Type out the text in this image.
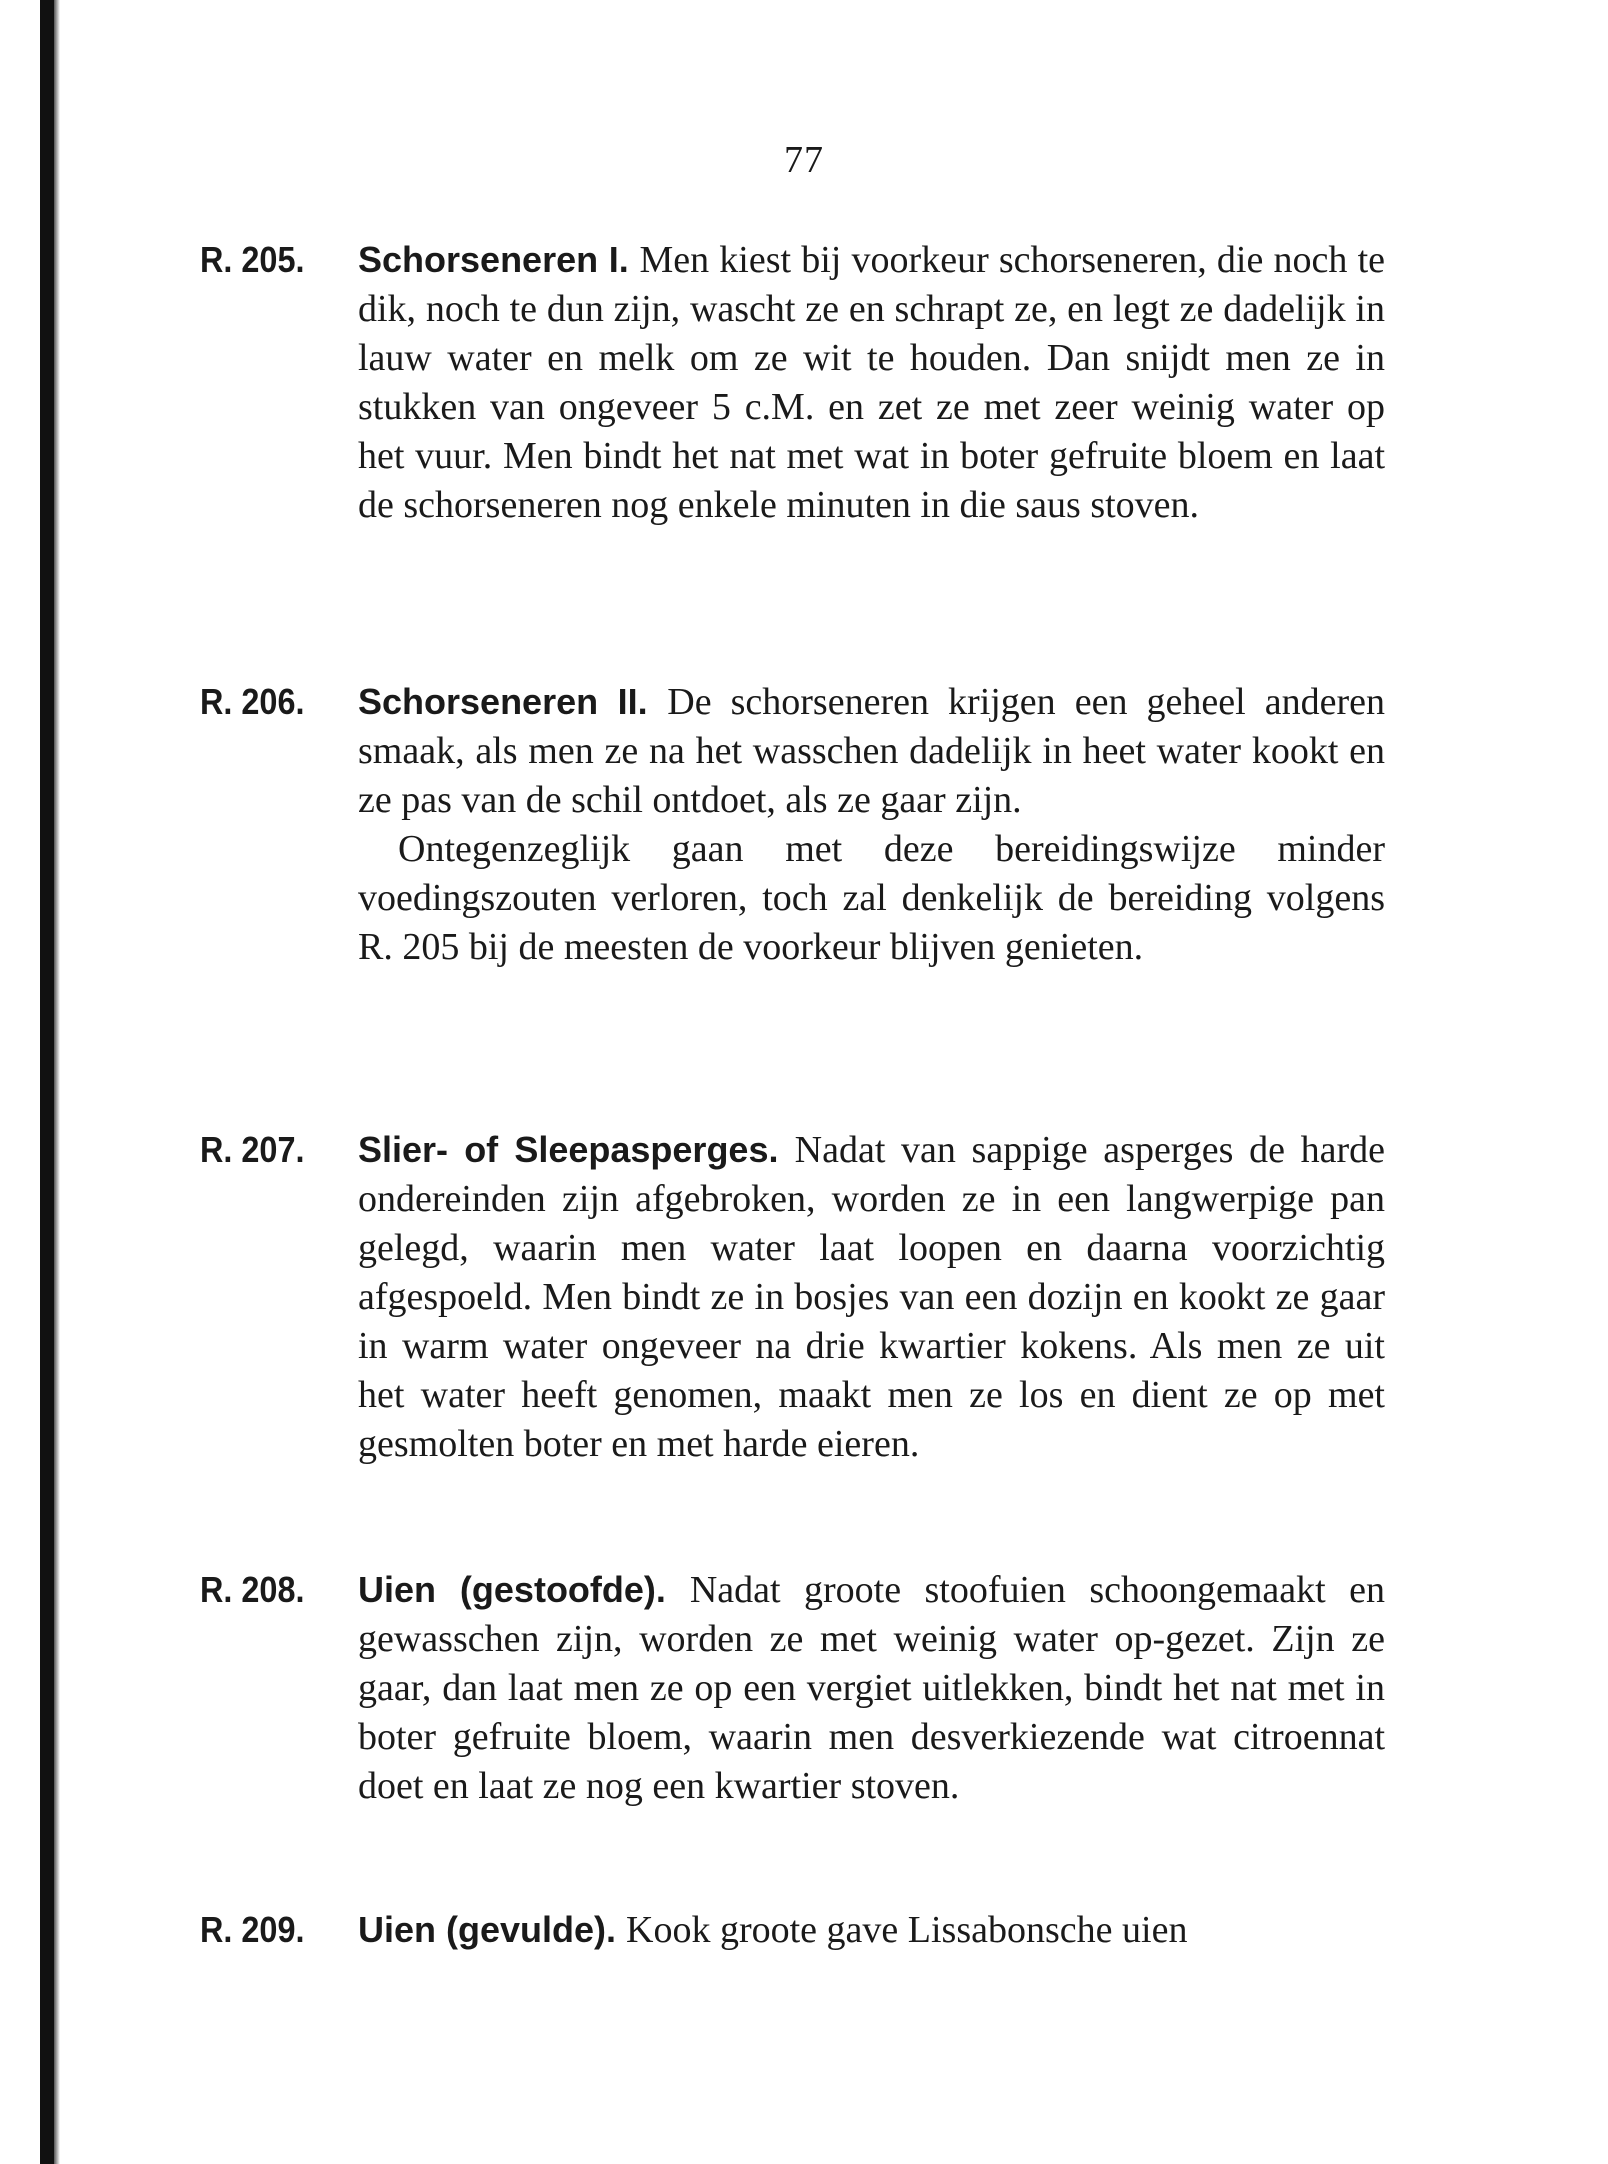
77
R. 205.	Schorseneren I. Men kiest bij voorkeur schorseneren, die noch te dik, noch te dun zijn, wascht ze en schrapt ze, en legt ze dadelijk in lauw water en melk om ze wit te houden. Dan snijdt men ze in stukken van ongeveer 5 c.M. en zet ze met zeer weinig water op het vuur. Men bindt het nat met wat in boter gefruite bloem en laat de schorseneren nog enkele minuten in die saus stoven.
R. 206.	Schorseneren II. De schorseneren krijgen een geheel anderen smaak, als men ze na het wasschen dadelijk in heet water kookt en ze pas van de schil ontdoet, als ze gaar zijn.

Ontegenzeglijk gaan met deze bereidingswijze minder voedingszouten verloren, toch zal denkelijk de bereiding volgens R. 205 bij de meesten de voorkeur blijven genieten.

R. 207.	Slier- of Sleepasperges. Nadat van sappige asperges de harde ondereinden zijn afgebroken, worden ze in een langwerpige pan gelegd, waarin men water laat loopen en daarna voorzichtig afgespoeld. Men bindt ze in bosjes van een dozijn en kookt ze gaar in warm water ongeveer na drie kwartier kokens. Als men ze uit het water heeft genomen, maakt men ze los en dient ze op met gesmolten boter en met harde eieren.
R. 208.	Uien (gestoofde). Nadat groote stoofuien schoongemaakt en gewasschen zijn, worden ze met weinig water op-gezet. Zijn ze gaar, dan laat men ze op een vergiet uitlekken, bindt het nat met in boter gefruite bloem, waarin men desverkiezende wat citroennat doet en laat ze nog een kwartier stoven.
R. 209.	Uien (gevulde). Kook groote gave Lissabonsche uien
